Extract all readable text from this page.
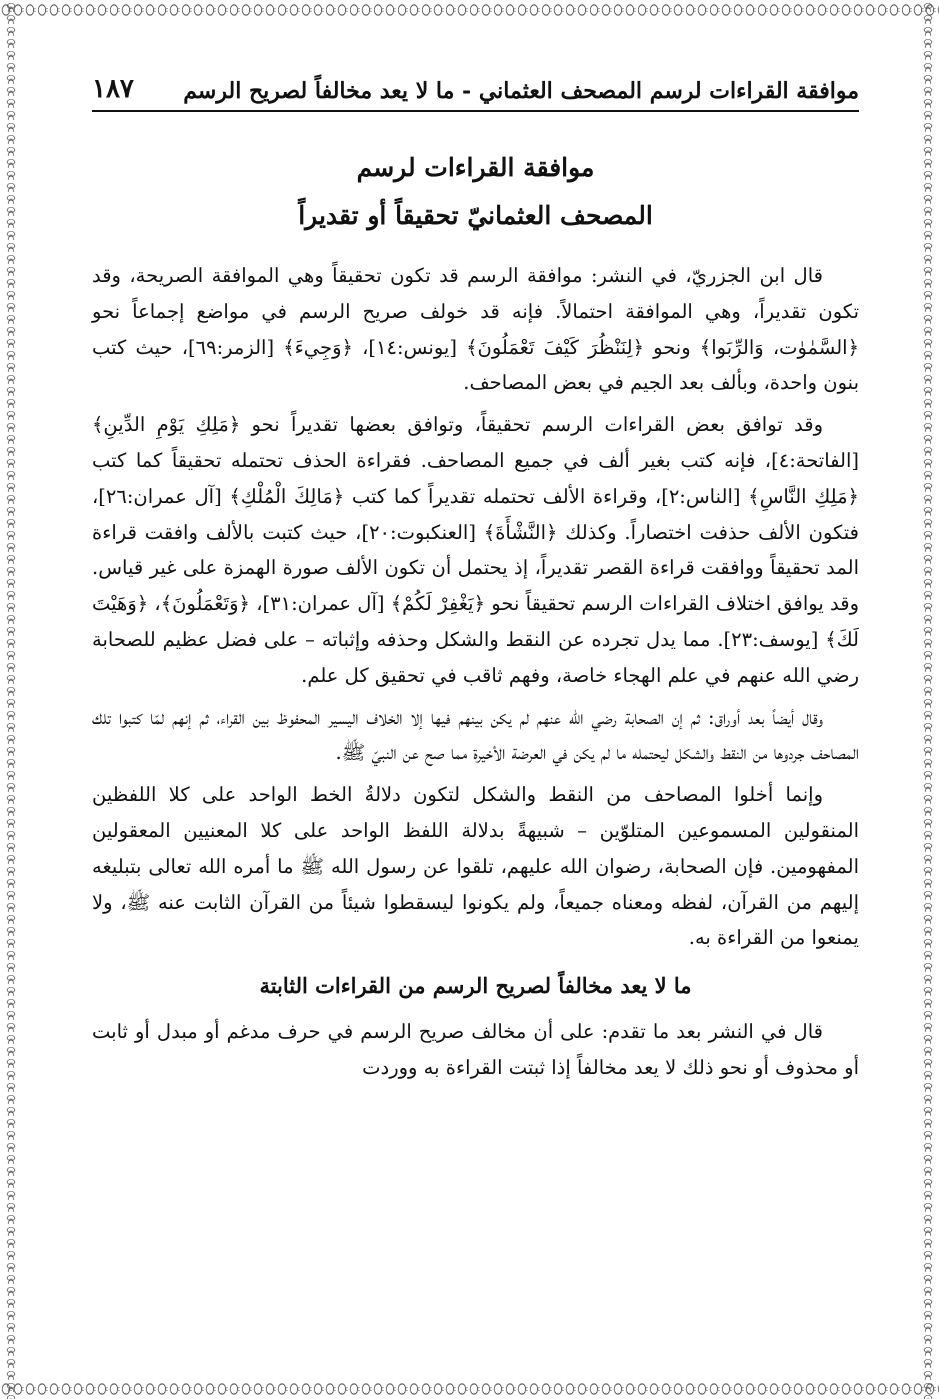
موافقة القراءات لرسم المصحف العثماني - ما لا يعد مخالفاً لصريح الرسم
١٨٧
موافقة القراءات لرسم
المصحف العثمانيّ تحقيقاً أو تقديراً

قال ابن الجزريّ، في النشر: موافقة الرسم قد تكون تحقيقاً وهي الموافقة الصريحة، وقد تكون تقديراً، وهي الموافقة احتمالاً. فإنه قد خولف صريح الرسم في مواضع إجماعاً نحو ﴿السَّمٰوٰت، وَالرِّبَوا﴾ ونحو ﴿لِنَنْظُرَ كَيْفَ تَعْمَلُونَ﴾ [يونس:١٤]، ﴿وَجِيءَ﴾ [الزمر:٦٩]، حيث كتب بنون واحدة، وبألف بعد الجيم في بعض المصاحف.

وقد توافق بعض القراءات الرسم تحقيقاً، وتوافق بعضها تقديراً نحو ﴿مَلِكِ يَوْمِ الدِّينِ﴾ [الفاتحة:٤]، فإنه كتب بغير ألف في جميع المصاحف. فقراءة الحذف تحتمله تحقيقاً كما كتب ﴿مَلِكِ النَّاسِ﴾ [الناس:٢]، وقراءة الألف تحتمله تقديراً كما كتب ﴿مَالِكَ الْمُلْكِ﴾ [آل عمران:٢٦]، فتكون الألف حذفت اختصاراً. وكذلك ﴿النَّشْأَةَ﴾ [العنكبوت:٢٠]، حيث كتبت بالألف وافقت قراءة المد تحقيقاً ووافقت قراءة القصر تقديراً، إذ يحتمل أن تكون الألف صورة الهمزة على غير قياس. وقد يوافق اختلاف القراءات الرسم تحقيقاً نحو ﴿يَغْفِرْ لَكُمْ﴾ [آل عمران:٣١]، ﴿وَتَعْمَلُونَ﴾، ﴿وَهَيْتَ لَكَ﴾ [يوسف:٢٣]. مما يدل تجرده عن النقط والشكل وحذفه وإثباته – على فضل عظيم للصحابة رضي الله عنهم في علم الهجاء خاصة، وفهم ثاقب في تحقيق كل علم.

وقال أيضاً بعد أوراق: ثم إن الصحابة رضي الله عنهم لم يكن بينهم فيها إلا الخلاف اليسير المحفوظ بين القراء، ثم إنهم لمّا كتبوا تلك المصاحف جردوها من النقط والشكل ليحتمله ما لم يكن في العرضة الأخيرة مما صح عن النبيّ ﷺ.

وإنما أخلوا المصاحف من النقط والشكل لتكون دلالةُ الخط الواحد على كلا اللفظين المنقولين المسموعين المتلوّين – شبيهةً بدلالة اللفظ الواحد على كلا المعنيين المعقولين المفهومين. فإن الصحابة، رضوان الله عليهم، تلقوا عن رسول الله ﷺ ما أمره الله تعالى بتبليغه إليهم من القرآن، لفظه ومعناه جميعاً، ولم يكونوا ليسقطوا شيئاً من القرآن الثابت عنه ﷺ، ولا يمنعوا من القراءة به.

ما لا يعد مخالفاً لصريح الرسم من القراءات الثابتة

قال في النشر بعد ما تقدم: على أن مخالف صريح الرسم في حرف مدغم أو مبدل أو ثابت أو محذوف أو نحو ذلك لا يعد مخالفاً إذا ثبتت القراءة به ووردت
